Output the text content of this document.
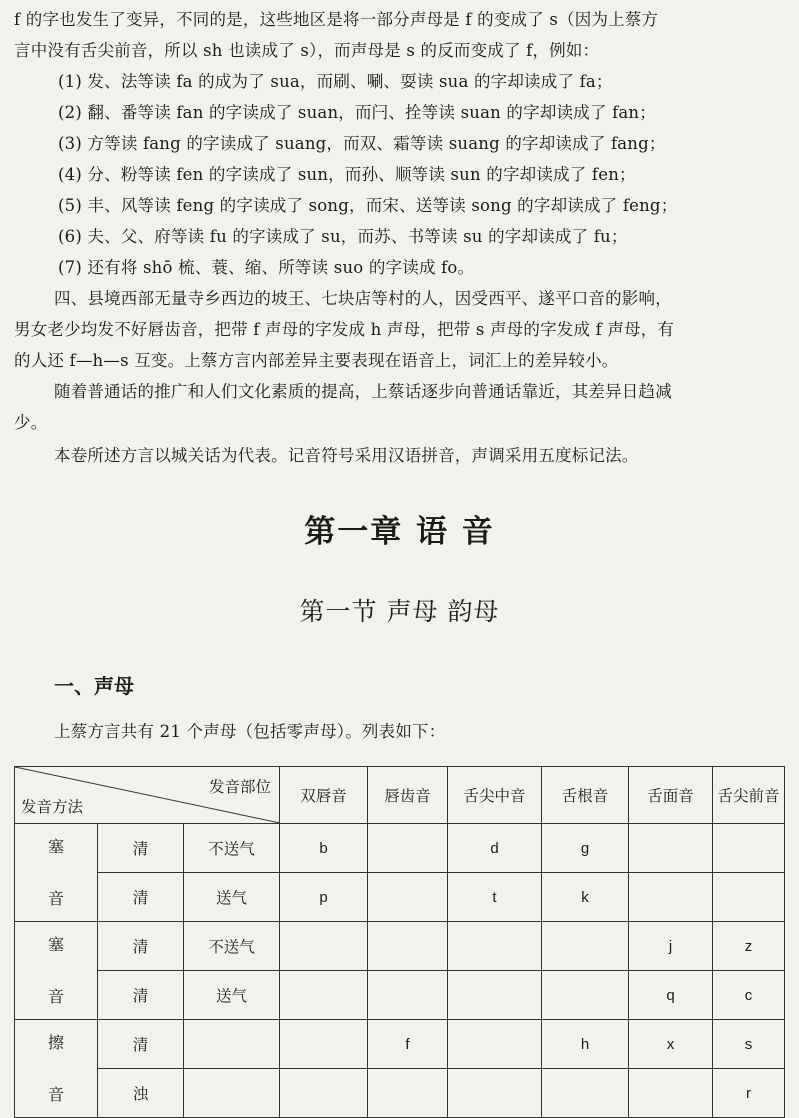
f 的字也发生了变异，不同的是，这些地区是将一部分声母是 f 的变成了 s（因为上蔡方
言中没有舌尖前音，所以 sh 也读成了 s），而声母是 s 的反而变成了 f，例如：
(1) 发、法等读 fa 的成为了 sua，而刷、唰、耍读 sua 的字却读成了 fa；
(2) 翻、番等读 fan 的字读成了 suan，而闩、拴等读 suan 的字却读成了 fan；
(3) 方等读 fang 的字读成了 suang，而双、霜等读 suang 的字却读成了 fang；
(4) 分、粉等读 fen 的字读成了 sun，而孙、顺等读 sun 的字却读成了 fen；
(5) 丰、风等读 feng 的字读成了 song，而宋、送等读 song 的字却读成了 feng；
(6) 夫、父、府等读 fu 的字读成了 su，而苏、书等读 su 的字却读成了 fu；
(7) 还有将 shō 梳、蓑、缩、所等读 suo 的字读成 fo。
四、县境西部无量寺乡西边的坡王、七块店等村的人，因受西平、遂平口音的影响，
男女老少均发不好唇齿音，把带 f 声母的字发成 h 声母，把带 s 声母的字发成 f 声母，有
的人还 f—h—s 互变。上蔡方言内部差异主要表现在语音上，词汇上的差异较小。
随着普通话的推广和人们文化素质的提高，上蔡话逐步向普通话靠近，其差异日趋减
少。
本卷所述方言以城关话为代表。记音符号采用汉语拼音，声调采用五度标记法。
第一章 语 音
第一节 声母 韵母
一、声母
上蔡方言共有 21 个声母（包括零声母）。列表如下：
发音部位
发音方法			双唇音	唇齿音	舌尖中音	舌根音	舌面音	舌尖前音
塞

音	清	不送气	b		d	g		
	清	送气	p		t	k		
塞

音	清	不送气					j	z
	清	送气					q	c
擦

音	清			f		h	x	s
	浊							r
